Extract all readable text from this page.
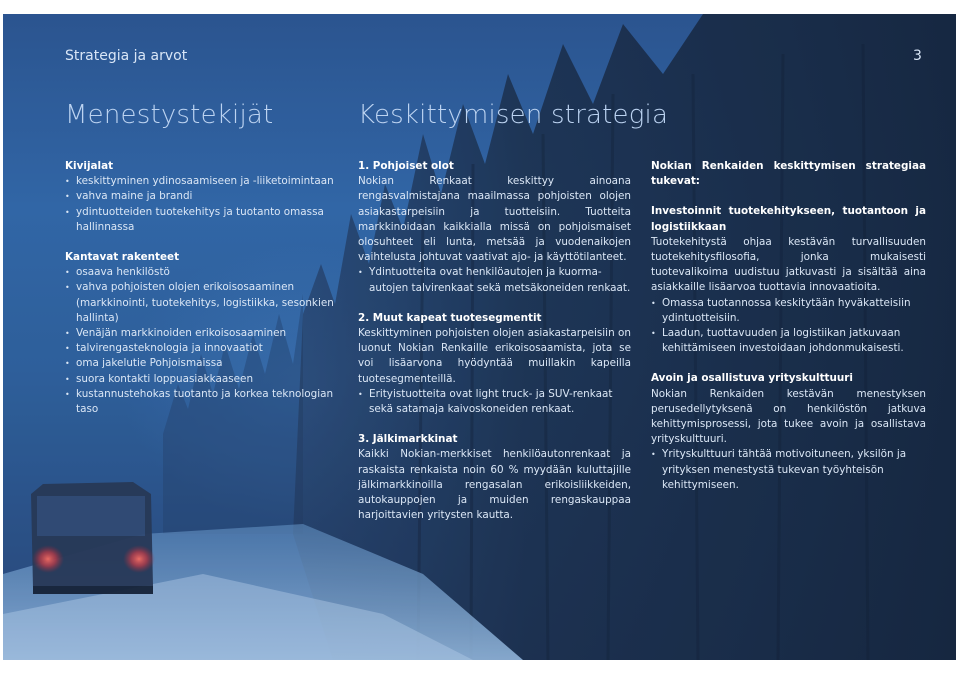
Strategia ja arvot	3
Menestystekijät	Keskittymisen strategia

Kivijalat

• keskittyminen ydinosaamiseen ja -liiketoimintaan
• vahva maine ja brandi
• ydintuotteiden tuotekehitys ja tuotanto omassa hallinnassa

Kantavat rakenteet

• osaava henkilöstö
• vahva pohjoisten olojen erikoisosaaminen (markkinointi, tuotekehitys, logistiikka, sesonkien hallinta)
• Venäjän markkinoiden erikoisosaaminen
• talvirengasteknologia ja innovaatiot
• oma jakelutie Pohjoismaissa
• suora kontakti loppuasiakkaaseen
• kustannustehokas tuotanto ja korkea teknologian taso

1. Pohjoiset olot

Nokian Renkaat keskittyy ainoana rengasvalmistajana maailmassa pohjoisten olojen asiakastarpeisiin ja tuotteisiin. Tuotteita markkinoidaan kaikkialla missä on pohjoismaiset olosuhteet eli lunta, metsää ja vuodenaikojen vaihtelusta johtuvat vaativat ajo- ja käyttötilanteet.

• Ydintuotteita ovat henkilöautojen ja kuorma-autojen talvirenkaat sekä metsäkoneiden renkaat.

2. Muut kapeat tuotesegmentit

Keskittyminen pohjoisten olojen asiakastarpeisiin on luonut Nokian Renkaille erikoisosaamista, jota se voi lisäarvona hyödyntää muillakin kapeilla tuotesegmenteillä.

• Erityistuotteita ovat light truck- ja SUV-renkaat sekä satamaja kaivoskoneiden renkaat.

3. Jälkimarkkinat

Kaikki Nokian-merkkiset henkilöautonrenkaat ja raskaista renkaista noin 60 % myydään kuluttajille jälkimarkkinoilla rengasalan erikoisliikkeiden, autokauppojen ja muiden rengaskauppaa harjoittavien yritysten kautta.

Nokian Renkaiden keskittymisen strategiaa tukevat:

Investoinnit tuotekehitykseen, tuotantoon ja logistiikkaan

Tuotekehitystä ohjaa kestävän turvallisuuden tuotekehitysfilosofia, jonka mukaisesti tuotevalikoima uudistuu jatkuvasti ja sisältää aina asiakkaille lisäarvoa tuottavia innovaatioita.

• Omassa tuotannossa keskitytään hyväkatteisiin ydintuotteisiin.
• Laadun, tuottavuuden ja logistiikan jatkuvaan kehittämiseen investoidaan johdonmukaisesti.

Avoin ja osallistuva yrityskulttuuri

Nokian Renkaiden kestävän menestyksen perusedellytyksenä on henkilöstön jatkuva kehittymisprosessi, jota tukee avoin ja osallistava yrityskulttuuri.

• Yrityskulttuuri tähtää motivoituneen, yksilön ja yrityksen menestystä tukevan työyhteisön kehittymiseen.
